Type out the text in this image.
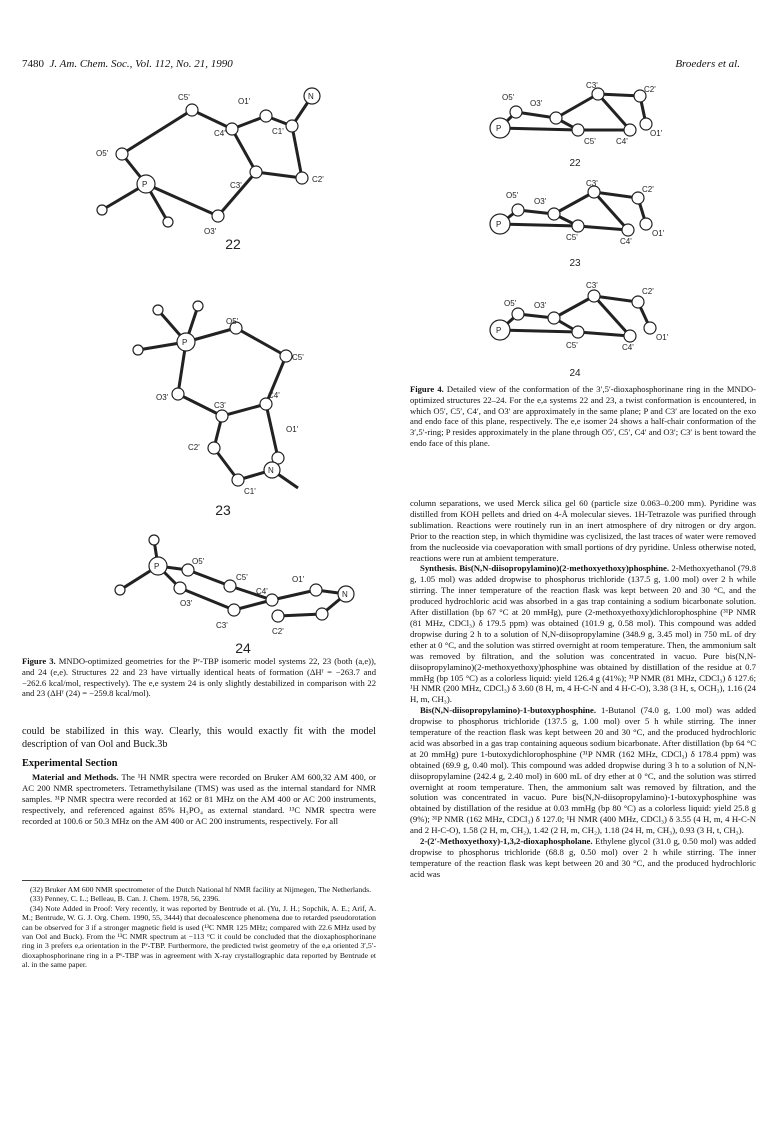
7480 J. Am. Chem. Soc., Vol. 112, No. 21, 1990	Broeders et al.
P
N
O5'
C5'	O1'
C4'	C1'
C3'
C2'
O3'
22
P
N
O5'
C5'
C4'
C3'
O3'
O1'
C2'
C1'
23
P
N
O5'
C5'
O3'
C4'
O1'
C3'
C2'
24
Figure 3. MNDO-optimized geometries for the Pᵛ-TBP isomeric model systems 22, 23 (both (a,e)), and 24 (e,e). Structures 22 and 23 have virtually identical heats of formation (ΔHᶠ = −263.7 and −262.6 kcal/mol, respectively). The e,e system 24 is only slightly destabilized in comparison with 22 and 23 (ΔHᶠ (24) = −259.8 kcal/mol).
could be stabilized in this way. Clearly, this would exactly fit with the model description of van Ool and Buck.3b
Experimental Section

Material and Methods. The ¹H NMR spectra were recorded on Bruker AM 600,32 AM 400, or AC 200 NMR spectrometers. Tetramethylsilane (TMS) was used as the internal standard for NMR samples. ³¹P NMR spectra were recorded at 162 or 81 MHz on the AM 400 or AC 200 instruments, respectively, and referenced against 85% H₃PO₄ as external standard. ¹³C NMR spectra were recorded at 100.6 or 50.3 MHz on the AM 400 or AC 200 instruments, respectively. For all

(32) Bruker AM 600 NMR spectrometer of the Dutch National hf NMR facility at Nijmegen, The Netherlands.

(33) Penney, C. L.; Belleau, B. Can. J. Chem. 1978, 56, 2396.

(34) Note Added in Proof: Very recently, it was reported by Bentrude et al. (Yu, J. H.; Sopchik, A. E.; Arif, A. M.; Bentrude, W. G. J. Org. Chem. 1990, 55, 3444) that decoalescence phenomena due to retarded pseudorotation can be observed for 3 if a stronger magnetic field is used (¹³C NMR 125 MHz; compared with 22.6 MHz used by van Ool and Buck). From the ¹³C NMR spectrum at −113 °C it could be concluded that the dioxaphosphorinane ring in 3 prefers e,a orientation in the Pᵛ-TBP. Furthermore, the predicted twist geometry of the e,a oriented 3′,5′-dioxaphosphorinane ring in a Pᵛ-TBP was in agreement with X-ray crystallographic data reported by Bentrude et al. in the same paper.

P
O5'
O3'
C3'	C2'
C5'	C4'
O1'
22
P
O5'
O3'
C3'
C2'
C5'	C4'
O1'
23
P
O5' O3'
C3'
C2'
C5'	C4'
O1'
24
Figure 4. Detailed view of the conformation of the 3′,5′-dioxaphosphorinane ring in the MNDO-optimized structures 22–24. For the e,a systems 22 and 23, a twist conformation is encountered, in which O5′, C5′, C4′, and O3′ are approximately in the same plane; P and C3′ are located on the exo and endo face of this plane, respectively. The e,e isomer 24 shows a half-chair conformation of the 3′,5′-ring; P resides approximately in the plane through O5′, C5′, C4′ and O3′; C3′ is bent toward the endo face of this plane.

column separations, we used Merck silica gel 60 (particle size 0.063–0.200 mm). Pyridine was distilled from KOH pellets and dried on 4-Å molecular sieves. 1H-Tetrazole was purified through sublimation. Reactions were routinely run in an inert atmosphere of dry nitrogen or dry argon. Prior to the reaction step, in which thymidine was cyclisized, the last traces of water were removed from the nucleoside via coevaporation with small portions of dry pyridine. Unless otherwise noted, reactions were run at ambient temperature.

Synthesis. Bis(N,N-diisopropylamino)(2-methoxyethoxy)phosphine. 2-Methoxyethanol (79.8 g, 1.05 mol) was added dropwise to phosphorus trichloride (137.5 g, 1.00 mol) over 2 h while stirring. The inner temperature of the reaction flask was kept between 20 and 30 °C, and the produced hydrochloric acid was absorbed in a gas trap containing a sodium bicarbonate solution. After distillation (bp 67 °C at 20 mmHg), pure (2-methoxyethoxy)dichlorophosphine (³¹P NMR (81 MHz, CDCl₃) δ 179.5 ppm) was obtained (101.9 g, 0.58 mol). This compound was added dropwise during 2 h to a solution of N,N-diisopropylamine (348.9 g, 3.45 mol) in 750 mL of dry ether at 0 °C, and the solution was stirred overnight at room temperature. Then, the ammonium salt was removed by filtration, and the solution was concentrated in vacuo. Pure bis(N,N-diisopropylamino)(2-methoxyethoxy)phosphine was obtained by distillation of the residue at 0.7 mmHg (bp 105 °C) as a colorless liquid: yield 126.4 g (41%); ³¹P NMR (81 MHz, CDCl₃) δ 127.6; ¹H NMR (200 MHz, CDCl₃) δ 3.60 (8 H, m, 4 H-C-N and 4 H-C-O), 3.38 (3 H, s, OCH₃), 1.16 (24 H, m, CH₃).

Bis(N,N-diisopropylamino)-1-butoxyphosphine. 1-Butanol (74.0 g, 1.00 mol) was added dropwise to phosphorus trichloride (137.5 g, 1.00 mol) over 5 h while stirring. The inner temperature of the reaction flask was kept between 20 and 30 °C, and the produced hydrochloric acid was absorbed in a gas trap containing aqueous sodium bicarbonate. After distillation (bp 64 °C at 20 mmHg) pure 1-butoxydichlorophosphine (³¹P NMR (162 MHz, CDCl₃) δ 178.4 ppm) was obtained (69.9 g, 0.40 mol). This compound was added dropwise during 3 h to a solution of N,N-diisopropylamine (242.4 g, 2.40 mol) in 600 mL of dry ether at 0 °C, and the solution was stirred overnight at room temperature. Then, the ammonium salt was removed by filtration, and the solution was concentrated in vacuo. Pure bis(N,N-diisopropylamino)-1-butoxyphosphine was obtained by distillation of the residue at 0.03 mmHg (bp 80 °C) as a colorless liquid: yield 25.8 g (9%); ³¹P NMR (162 MHz, CDCl₃) δ 127.0; ¹H NMR (400 MHz, CDCl₃) δ 3.55 (4 H, m, 4 H-C-N and 2 H-C-O), 1.58 (2 H, m, CH₂), 1.42 (2 H, m, CH₂), 1.18 (24 H, m, CH₃), 0.93 (3 H, t, CH₃).

2-(2′-Methoxyethoxy)-1,3,2-dioxaphospholane. Ethylene glycol (31.0 g, 0.50 mol) was added dropwise to phosphorus trichloride (68.8 g, 0.50 mol) over 2 h while stirring. The inner temperature of the reaction flask was kept between 20 and 30 °C, and the produced hydrochloric acid was
